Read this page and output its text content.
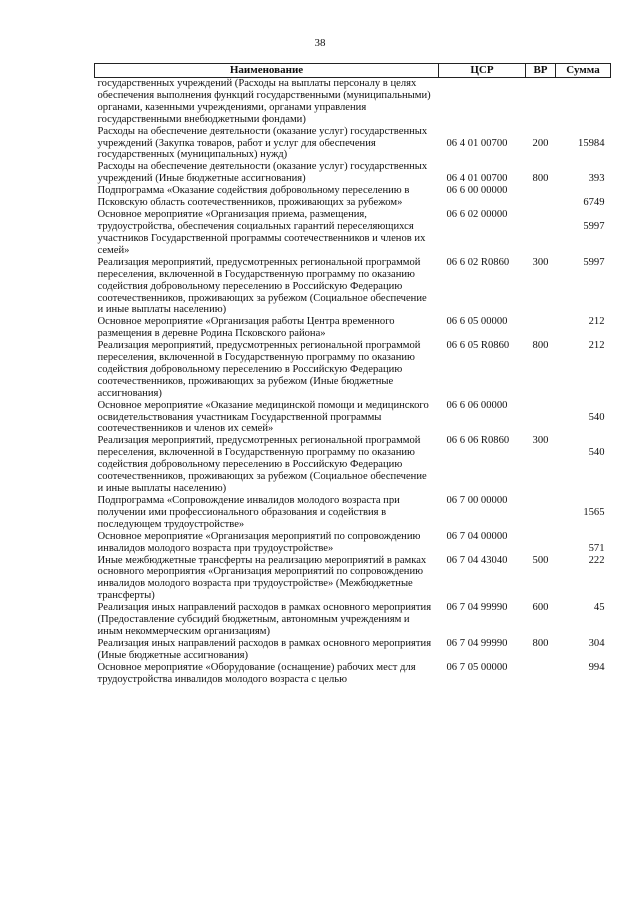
38
Наименование	ЦСР	ВР	Сумма
государственных учреждений (Расходы на выплаты персоналу в целях обеспечения выполнения функций государственными (муниципальными) органами, казенными учреждениями, органами управления государственными внебюджетными фондами)			
Расходы на обеспечение деятельности (оказание услуг) государственных учреждений (Закупка товаров, работ и услуг для обеспечения государственных (муниципальных) нужд)	06 4 01 00700	200	15984
Расходы на обеспечение деятельности (оказание услуг) государственных учреждений (Иные бюджетные ассигнования)	06 4 01 00700	800	393
Подпрограмма «Оказание содействия добровольному переселению в Псковскую область соотечественников, проживающих за рубежом»	06 6 00 00000		6749
Основное мероприятие «Организация приема, размещения, трудоустройства, обеспечения социальных гарантий переселяющихся участников Государственной программы соотечественников и членов их семей»	06 6 02 00000		5997
Реализация мероприятий, предусмотренных региональной программой переселения, включенной в Государственную программу по оказанию содействия добровольному переселению в Российскую Федерацию соотечественников, проживающих за рубежом (Социальное обеспечение и иные выплаты населению)	06 6 02 R0860	300	5997
Основное мероприятие «Организация работы Центра временного размещения в деревне Родина Псковского района»	06 6 05 00000		212
Реализация мероприятий, предусмотренных региональной программой переселения, включенной в Государственную программу по оказанию содействия добровольному переселению в Российскую Федерацию соотечественников, проживающих за рубежом (Иные бюджетные ассигнования)	06 6 05 R0860	800	212
Основное мероприятие «Оказание медицинской помощи и медицинского освидетельствования участникам Государственной программы соотечественников и членов их семей»	06 6 06 00000		540
Реализация мероприятий, предусмотренных региональной программой переселения, включенной в Государственную программу по оказанию содействия добровольному переселению в Российскую Федерацию соотечественников, проживающих за рубежом (Социальное обеспечение и иные выплаты населению)	06 6 06 R0860	300	540
Подпрограмма «Сопровождение инвалидов молодого возраста при получении ими профессионального образования и содействия в последующем трудоустройстве»	06 7 00 00000		1565
Основное мероприятие «Организация мероприятий по сопровождению инвалидов молодого возраста при трудоустройстве»	06 7 04 00000		571
Иные межбюджетные трансферты на реализацию мероприятий в рамках основного мероприятия «Организация мероприятий по сопровождению инвалидов молодого возраста при трудоустройстве» (Межбюджетные трансферты)	06 7 04 43040	500	222
Реализация иных направлений расходов в рамках основного мероприятия (Предоставление субсидий бюджетным, автономным учреждениям и иным некоммерческим организациям)	06 7 04 99990	600	45
Реализация иных направлений расходов в рамках основного мероприятия (Иные бюджетные ассигнования)	06 7 04 99990	800	304
Основное мероприятие «Оборудование (оснащение) рабочих мест для трудоустройства инвалидов молодого возраста с целью	06 7 05 00000		994
